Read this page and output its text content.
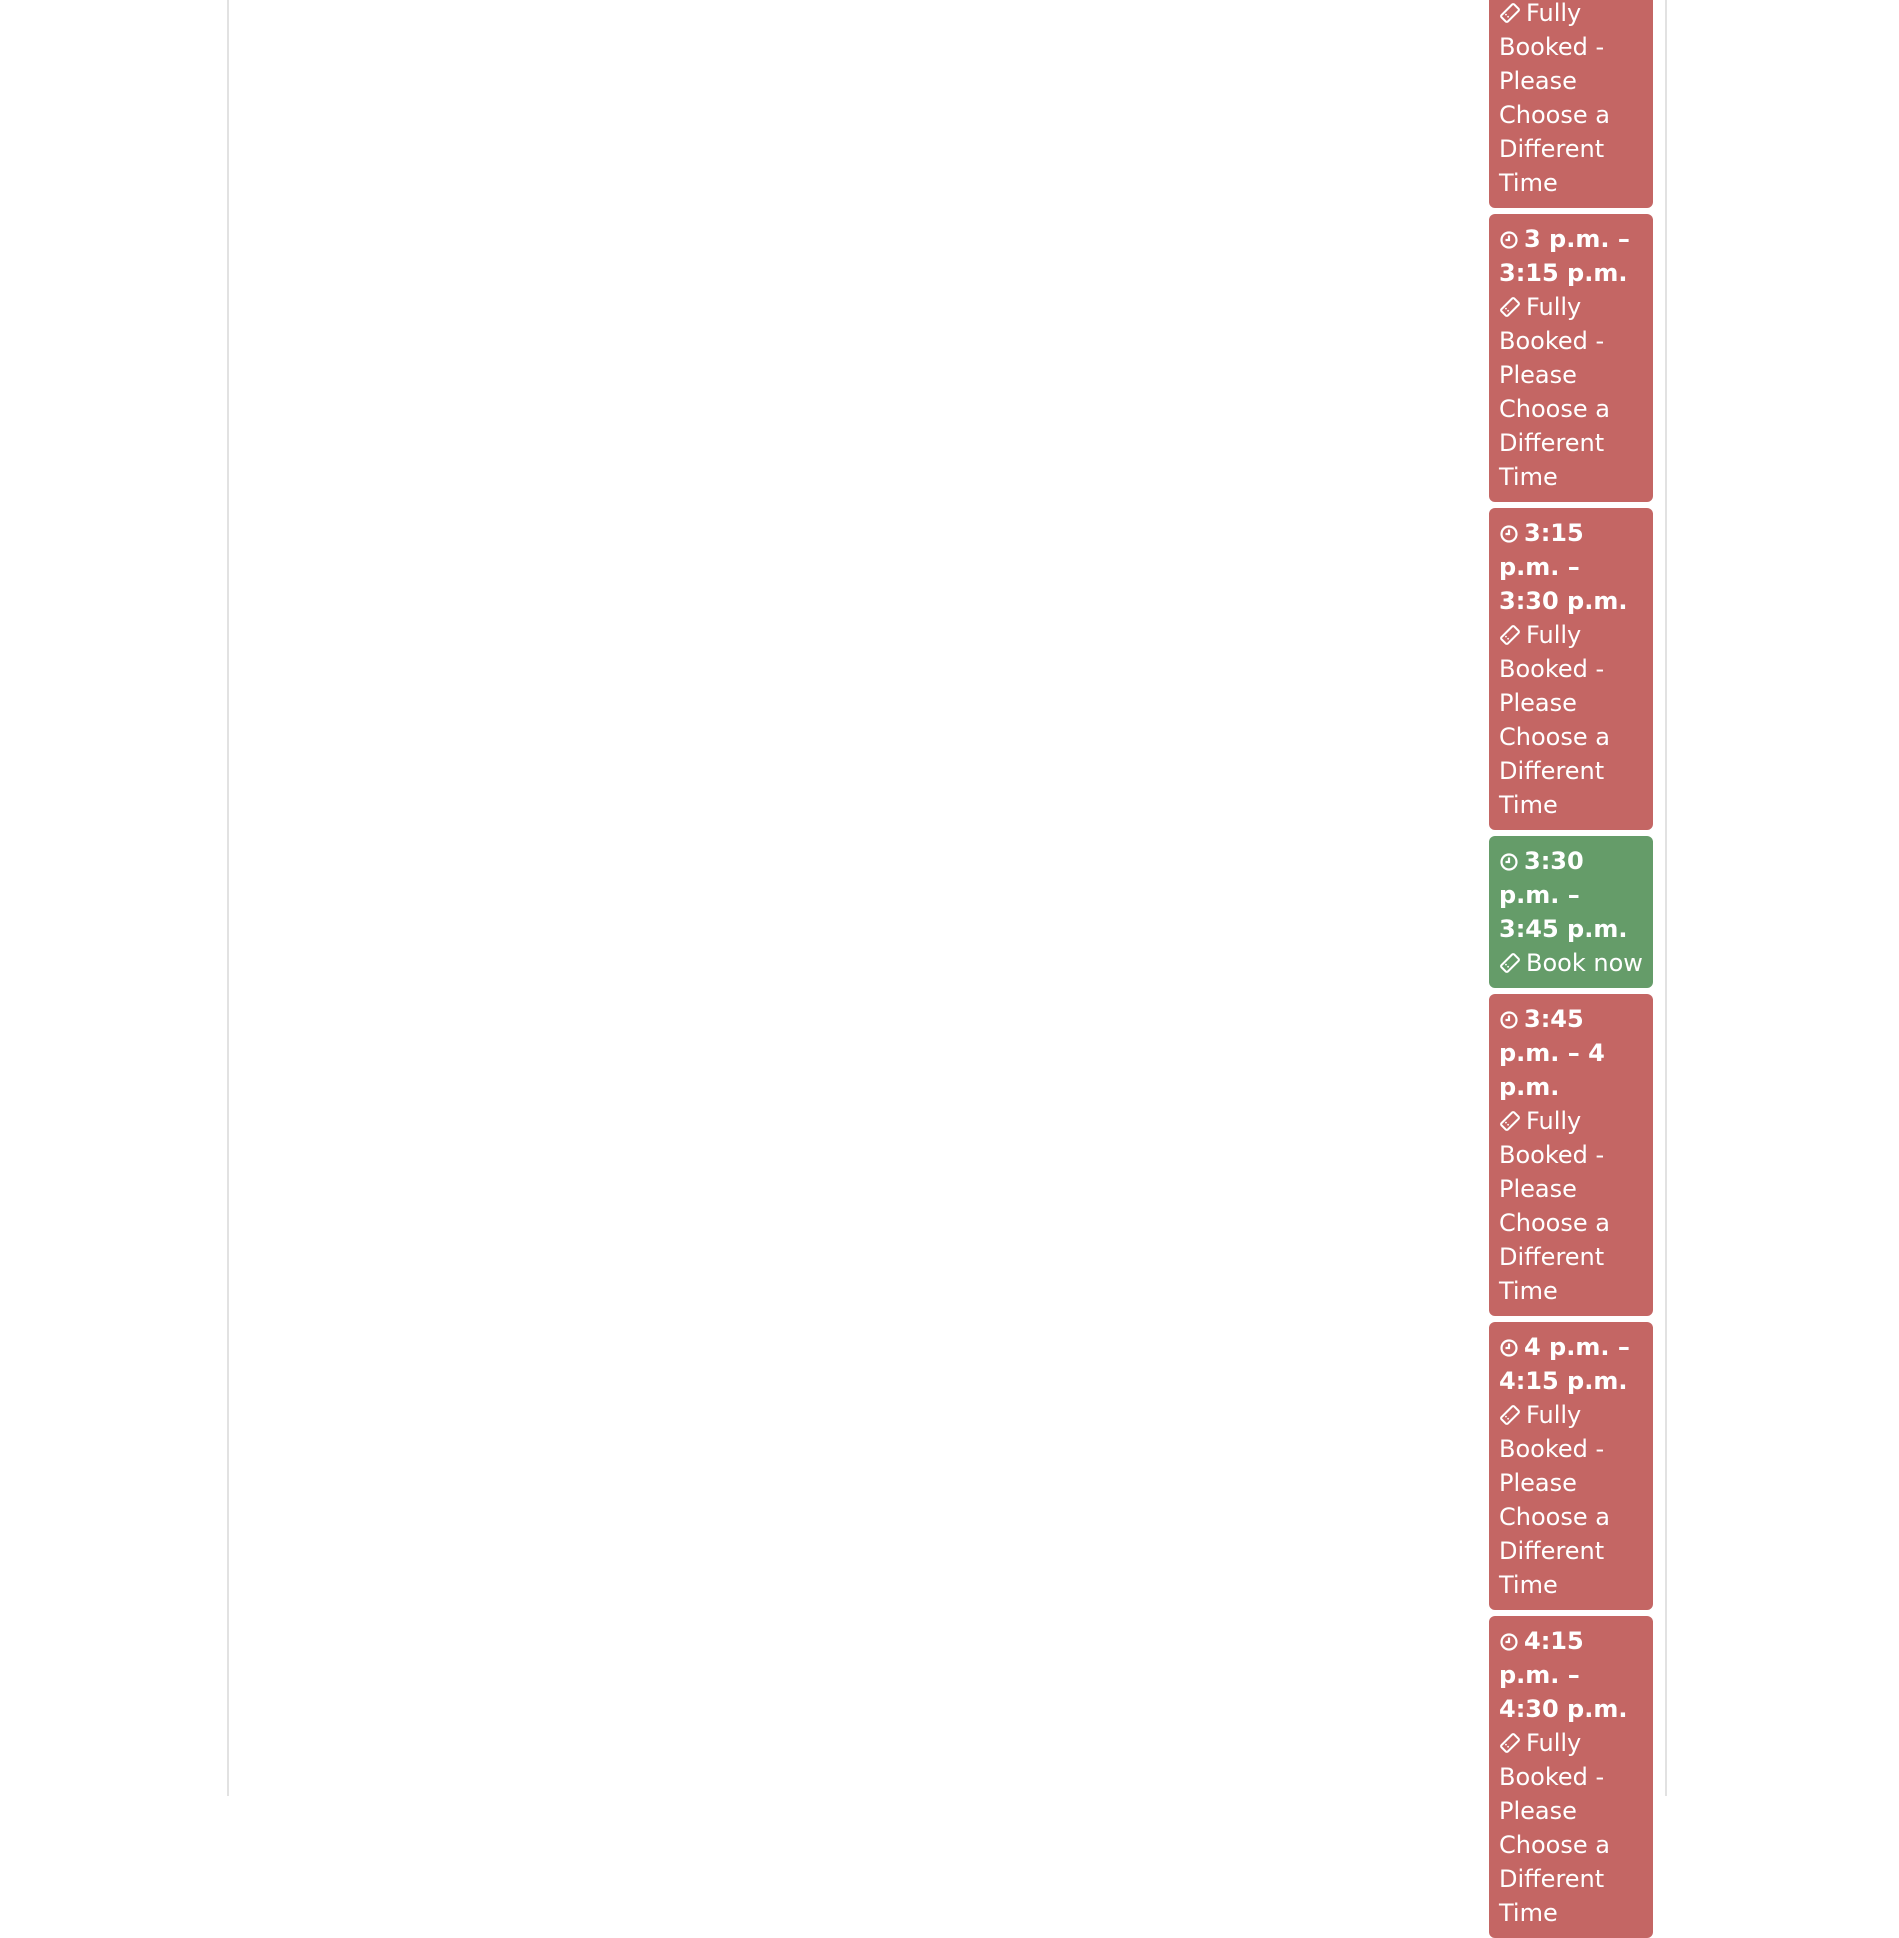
Fully Booked - Please Choose a Different Time
3 p.m. – 3:15 p.m.
Fully Booked - Please Choose a Different Time
3:15 p.m. – 3:30 p.m.
Fully Booked - Please Choose a Different Time
3:30 p.m. – 3:45 p.m.
Book now
3:45 p.m. – 4 p.m.
Fully Booked - Please Choose a Different Time
4 p.m. – 4:15 p.m.
Fully Booked - Please Choose a Different Time
4:15 p.m. – 4:30 p.m.
Fully Booked - Please Choose a Different Time
